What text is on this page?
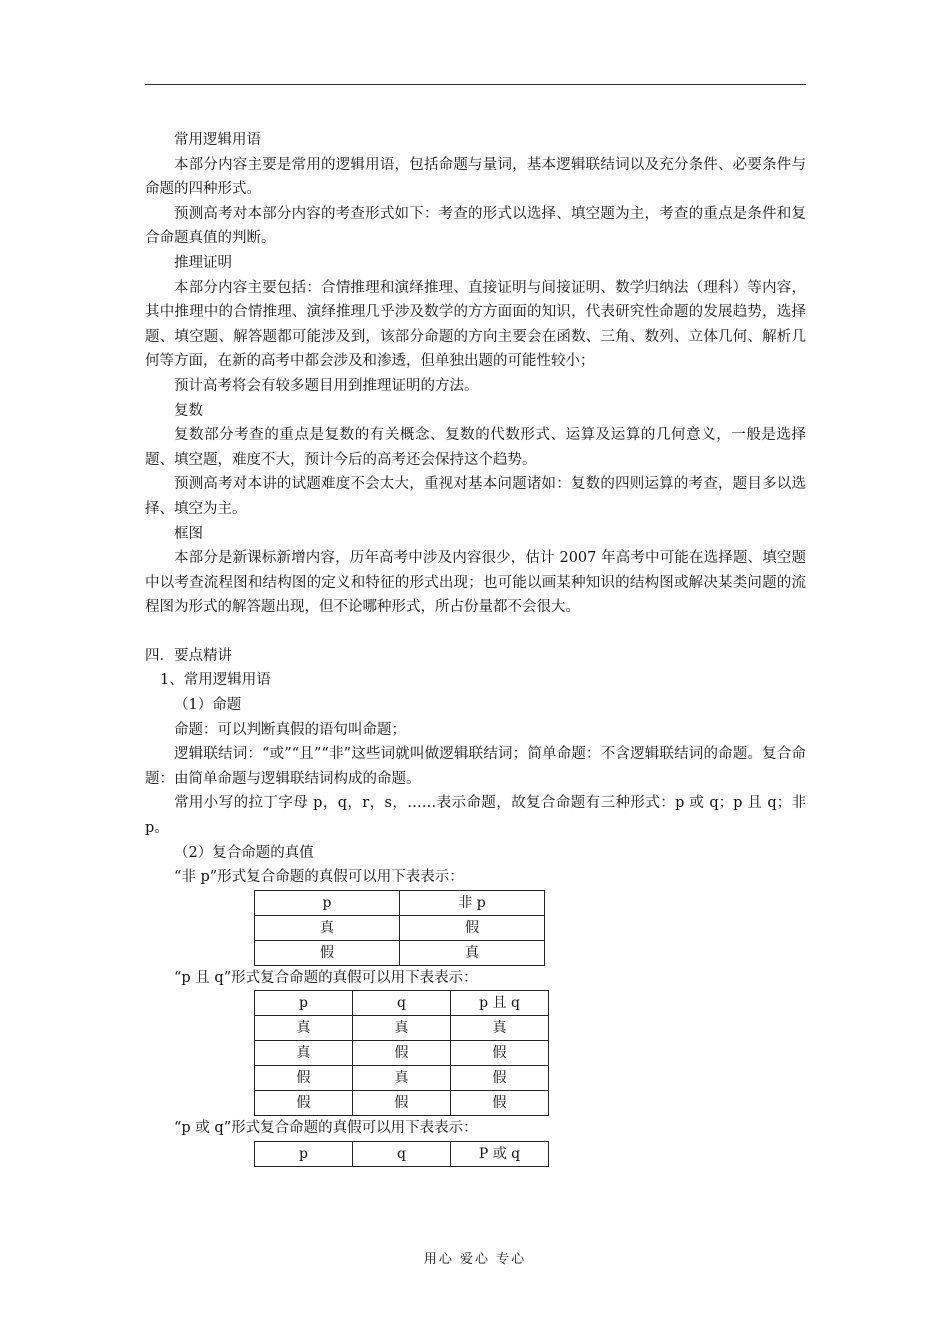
常用逻辑用语

本部分内容主要是常用的逻辑用语，包括命题与量词，基本逻辑联结词以及充分条件、必要条件与命题的四种形式。

预测高考对本部分内容的考查形式如下：考查的形式以选择、填空题为主，考查的重点是条件和复合命题真值的判断。

推理证明

本部分内容主要包括：合情推理和演绎推理、直接证明与间接证明、数学归纳法（理科）等内容，其中推理中的合情推理、演绎推理几乎涉及数学的方方面面的知识，代表研究性命题的发展趋势，选择题、填空题、解答题都可能涉及到，该部分命题的方向主要会在函数、三角、数列、立体几何、解析几何等方面，在新的高考中都会涉及和渗透，但单独出题的可能性较小；

预计高考将会有较多题目用到推理证明的方法。

复数

复数部分考查的重点是复数的有关概念、复数的代数形式、运算及运算的几何意义，一般是选择题、填空题，难度不大，预计今后的高考还会保持这个趋势。

预测高考对本讲的试题难度不会太大，重视对基本问题诸如：复数的四则运算的考查，题目多以选择、填空为主。

框图

本部分是新课标新增内容，历年高考中涉及内容很少，估计 2007 年高考中可能在选择题、填空题中以考查流程图和结构图的定义和特征的形式出现；也可能以画某种知识的结构图或解决某类问题的流程图为形式的解答题出现，但不论哪种形式，所占份量都不会很大。

四．要点精讲

1、常用逻辑用语

（1）命题

命题：可以判断真假的语句叫命题；

逻辑联结词：“或”“且”“非”这些词就叫做逻辑联结词；简单命题：不含逻辑联结词的命题。复合命题：由简单命题与逻辑联结词构成的命题。

常用小写的拉丁字母 p，q，r，s，……表示命题，故复合命题有三种形式：p 或 q；p 且 q；非 p。

（2）复合命题的真值

“非 p”形式复合命题的真假可以用下表表示：

p	非 p
真	假
假	真

“p 且 q”形式复合命题的真假可以用下表表示：

p	q	p 且 q
真	真	真
真	假	假
假	真	假
假	假	假

“p 或 q”形式复合命题的真假可以用下表表示：

p	q	P 或 q
用心 爱心 专心
